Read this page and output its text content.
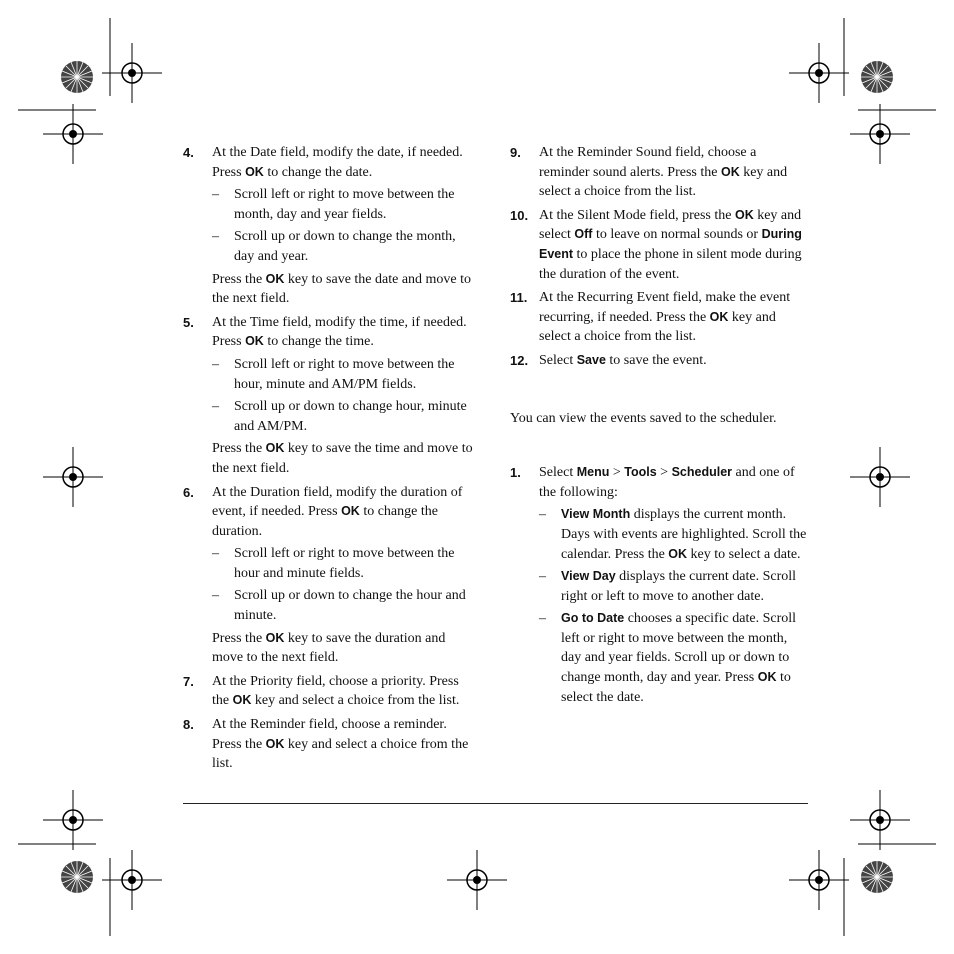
4. At the Date field, modify the date, if needed. Press OK to change the date.
– Scroll left or right to move between the month, day and year fields.
– Scroll up or down to change the month, day and year.
Press the OK key to save the date and move to the next field.
5. At the Time field, modify the time, if needed. Press OK to change the time.
– Scroll left or right to move between the hour, minute and AM/PM fields.
– Scroll up or down to change hour, minute and AM/PM.
Press the OK key to save the time and move to the next field.
6. At the Duration field, modify the duration of event, if needed. Press OK to change the duration.
– Scroll left or right to move between the hour and minute fields.
– Scroll up or down to change the hour and minute.
Press the OK key to save the duration and move to the next field.
7. At the Priority field, choose a priority. Press the OK key and select a choice from the list.
8. At the Reminder field, choose a reminder. Press the OK key and select a choice from the list.
9. At the Reminder Sound field, choose a reminder sound alerts. Press the OK key and select a choice from the list.
10. At the Silent Mode field, press the OK key and select Off to leave on normal sounds or During Event to place the phone in silent mode during the duration of the event.
11. At the Recurring Event field, make the event recurring, if needed. Press the OK key and select a choice from the list.
12. Select Save to save the event.
You can view the events saved to the scheduler.
1. Select Menu > Tools > Scheduler and one of the following:
– View Month displays the current month. Days with events are highlighted. Scroll the calendar. Press the OK key to select a date.
– View Day displays the current date. Scroll right or left to move to another date.
– Go to Date chooses a specific date. Scroll left or right to move between the month, day and year fields. Scroll up or down to change month, day and year. Press OK to select the date.
